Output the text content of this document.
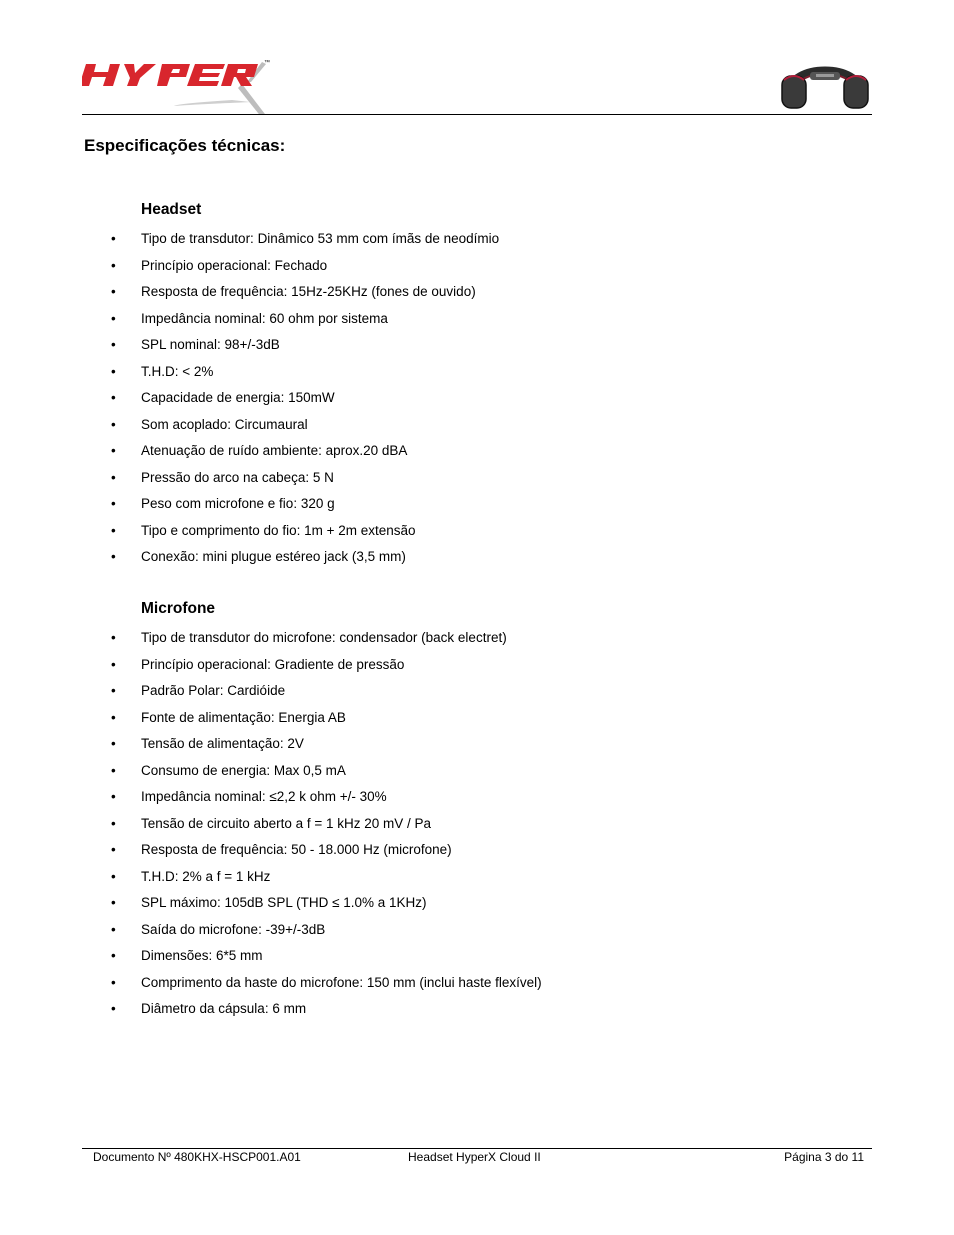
™
Especificações técnicas:
Headset
• Tipo de transdutor: Dinâmico 53 mm com ímãs de neodímio
• Princípio operacional: Fechado
• Resposta de frequência: 15Hz-25KHz (fones de ouvido)
• Impedância nominal: 60 ohm por sistema
• SPL nominal: 98+/-3dB
• T.H.D: < 2%
• Capacidade de energia: 150mW
• Som acoplado: Circumaural
• Atenuação de ruído ambiente: aprox.20 dBA
• Pressão do arco na cabeça: 5 N
• Peso com microfone e fio: 320 g
• Tipo e comprimento do fio: 1m + 2m extensão
• Conexão: mini plugue estéreo jack (3,5 mm)
Microfone
• Tipo de transdutor do microfone: condensador (back electret)
• Princípio operacional: Gradiente de pressão
• Padrão Polar: Cardióide
• Fonte de alimentação: Energia AB
• Tensão de alimentação: 2V
• Consumo de energia: Max 0,5 mA
• Impedância nominal: ≤2,2 k ohm +/- 30%
• Tensão de circuito aberto a f = 1 kHz 20 mV / Pa
• Resposta de frequência: 50 - 18.000 Hz (microfone)
• T.H.D: 2% a f = 1 kHz
• SPL máximo: 105dB SPL (THD ≤ 1.0% a 1KHz)
• Saída do microfone: -39+/-3dB
• Dimensões: 6*5 mm
• Comprimento da haste do microfone: 150 mm (inclui haste flexível)
• Diâmetro da cápsula: 6 mm
Documento Nº 480KHX-HSCP001.A01	Headset HyperX Cloud II	Página 3 do 11
